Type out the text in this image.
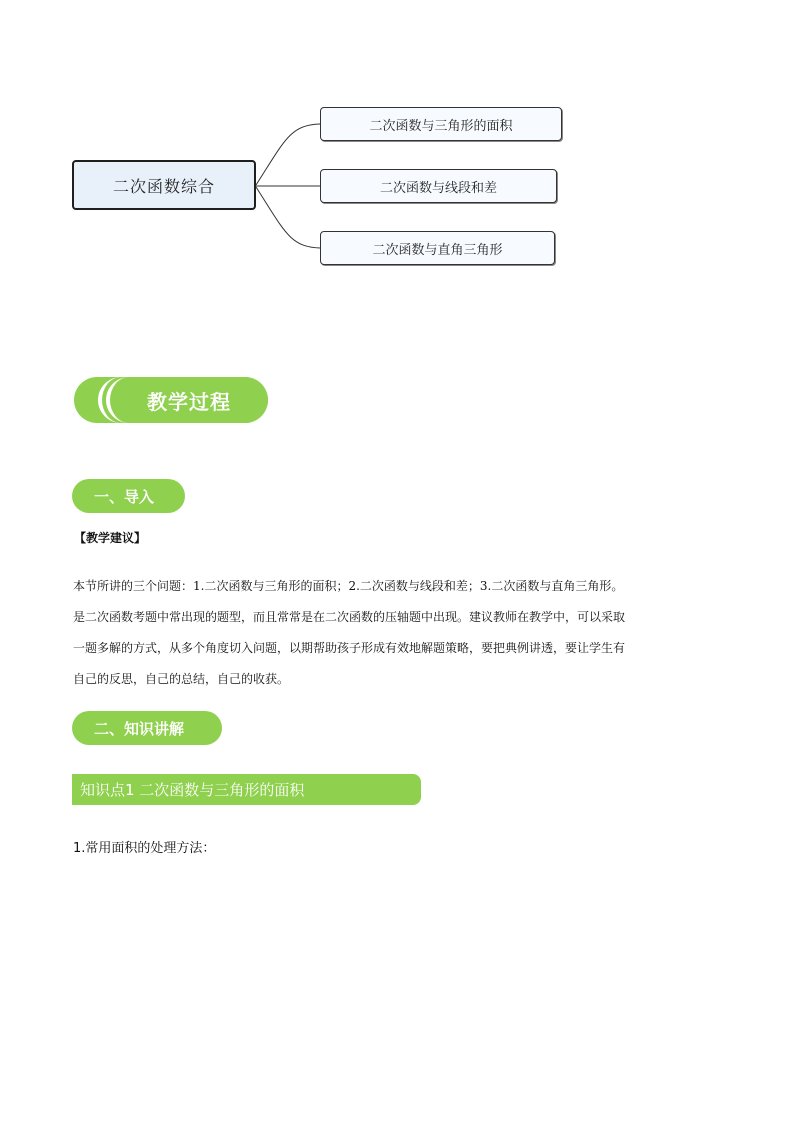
二次函数综合
二次函数与三角形的面积
二次函数与线段和差
二次函数与直角三角形
教学过程
一、导入
【教学建议】
本节所讲的三个问题：1.二次函数与三角形的面积；2.二次函数与线段和差；3.二次函数与直角三角形。
是二次函数考题中常出现的题型，而且常常是在二次函数的压轴题中出现。建议教师在教学中，可以采取
一题多解的方式，从多个角度切入问题，以期帮助孩子形成有效地解题策略，要把典例讲透，要让学生有
自己的反思，自己的总结，自己的收获。
二、知识讲解
知识点1 二次函数与三角形的面积
1.常用面积的处理方法：
